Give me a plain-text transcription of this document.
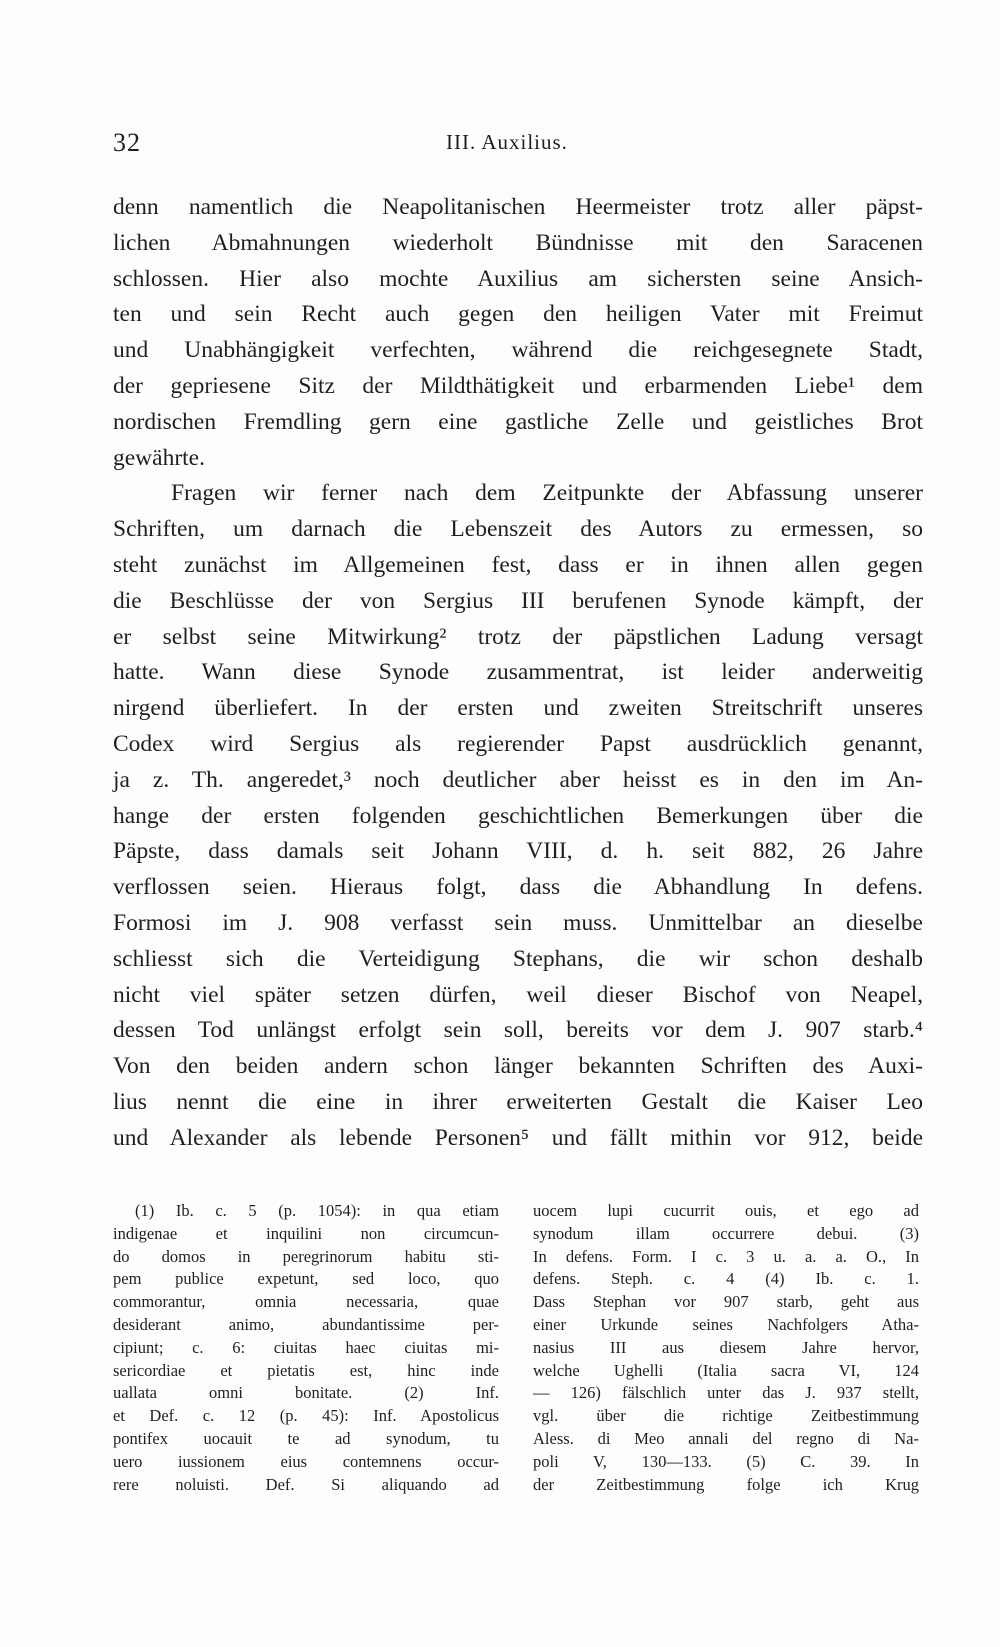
32	III. Auxilius.
denn namentlich die Neapolitanischen Heermeister trotz aller päpst-
lichen Abmahnungen wiederholt Bündnisse mit den Saracenen
schlossen. Hier also mochte Auxilius am sichersten seine Ansich-
ten und sein Recht auch gegen den heiligen Vater mit Freimut
und Unabhängigkeit verfechten, während die reichgesegnete Stadt,
der gepriesene Sitz der Mildthätigkeit und erbarmenden Liebe¹ dem
nordischen Fremdling gern eine gastliche Zelle und geistliches Brot
gewährte.
Fragen wir ferner nach dem Zeitpunkte der Abfassung unserer
Schriften, um darnach die Lebenszeit des Autors zu ermessen, so
steht zunächst im Allgemeinen fest, dass er in ihnen allen gegen
die Beschlüsse der von Sergius III berufenen Synode kämpft, der
er selbst seine Mitwirkung² trotz der päpstlichen Ladung versagt
hatte. Wann diese Synode zusammentrat, ist leider anderweitig
nirgend überliefert. In der ersten und zweiten Streitschrift unseres
Codex wird Sergius als regierender Papst ausdrücklich genannt,
ja z. Th. angeredet,³ noch deutlicher aber heisst es in den im An-
hange der ersten folgenden geschichtlichen Bemerkungen über die
Päpste, dass damals seit Johann VIII, d. h. seit 882, 26 Jahre
verflossen seien. Hieraus folgt, dass die Abhandlung In defens.
Formosi im J. 908 verfasst sein muss. Unmittelbar an dieselbe
schliesst sich die Verteidigung Stephans, die wir schon deshalb
nicht viel später setzen dürfen, weil dieser Bischof von Neapel,
dessen Tod unlängst erfolgt sein soll, bereits vor dem J. 907 starb.⁴
Von den beiden andern schon länger bekannten Schriften des Auxi-
lius nennt die eine in ihrer erweiterten Gestalt die Kaiser Leo
und Alexander als lebende Personen⁵ und fällt mithin vor 912, beide
(1) Ib. c. 5 (p. 1054): in qua etiam
indigenae et inquilini non circumcun-
do domos in peregrinorum habitu sti-
pem publice expetunt, sed loco, quo
commorantur, omnia necessaria, quae
desiderant animo, abundantissime per-
cipiunt; c. 6: ciuitas haec ciuitas mi-
sericordiae et pietatis est, hinc inde
uallata omni bonitate. (2) Inf.
et Def. c. 12 (p. 45): Inf. Apostolicus
pontifex uocauit te ad synodum, tu
uero iussionem eius contemnens occur-
rere noluisti. Def. Si aliquando ad
uocem lupi cucurrit ouis, et ego ad
synodum illam occurrere debui. (3)
In defens. Form. I c. 3 u. a. a. O., In
defens. Steph. c. 4 (4) Ib. c. 1.
Dass Stephan vor 907 starb, geht aus
einer Urkunde seines Nachfolgers Atha-
nasius III aus diesem Jahre hervor,
welche Ughelli (Italia sacra VI, 124
— 126) fälschlich unter das J. 937 stellt,
vgl. über die richtige Zeitbestimmung
Aless. di Meo annali del regno di Na-
poli V, 130—133. (5) C. 39. In
der Zeitbestimmung folge ich Krug
